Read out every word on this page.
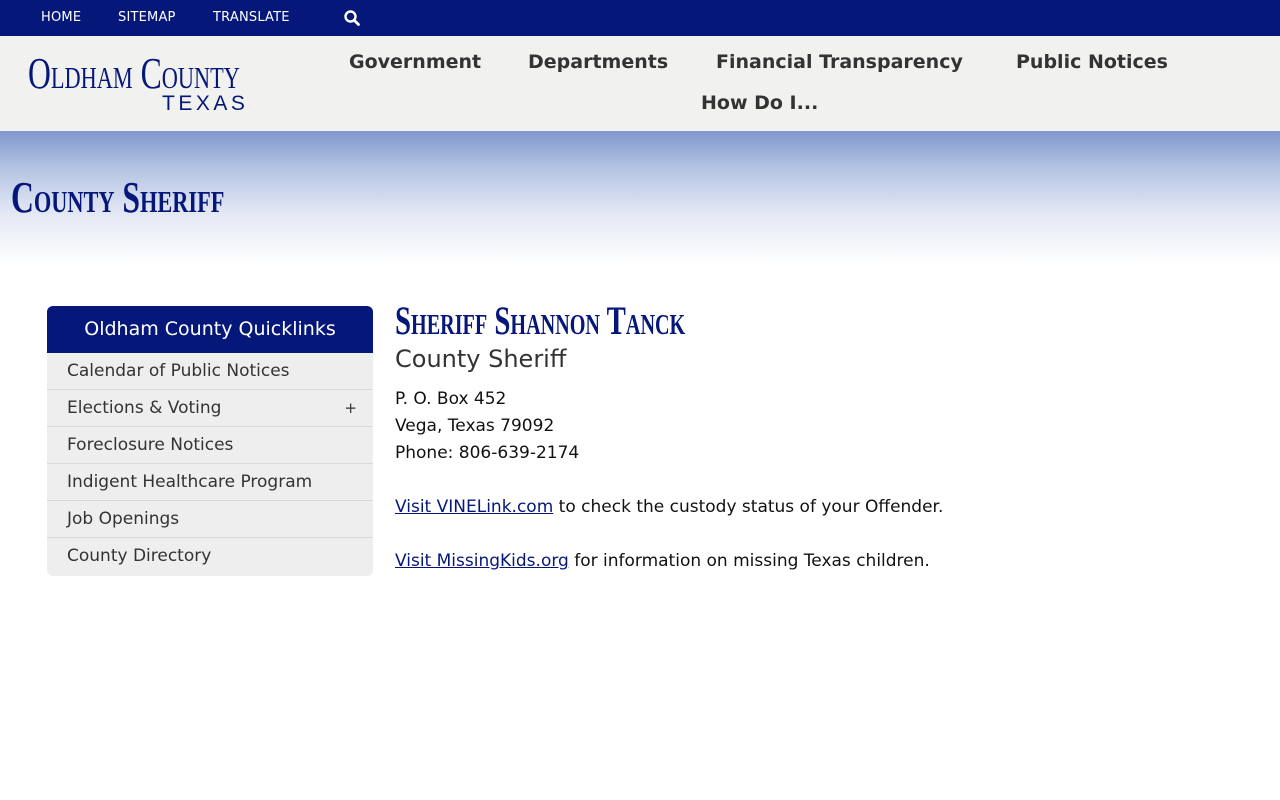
HOME	SITEMAP	TRANSLATE
Oldham County
TEXAS
Government Departments	Financial Transparency	Public Notices
How Do I...
County Sheriff
Oldham County Quicklinks
Calendar of Public Notices
Elections & Voting	+
Foreclosure Notices
Indigent Healthcare Program
Job Openings
County Directory
Sheriff Shannon Tanck
County Sheriff
P. O. Box 452
Vega, Texas 79092
Phone: 806-639-2174

Visit VINELink.com to check the custody status of your Offender.

Visit MissingKids.org for information on missing Texas children.
